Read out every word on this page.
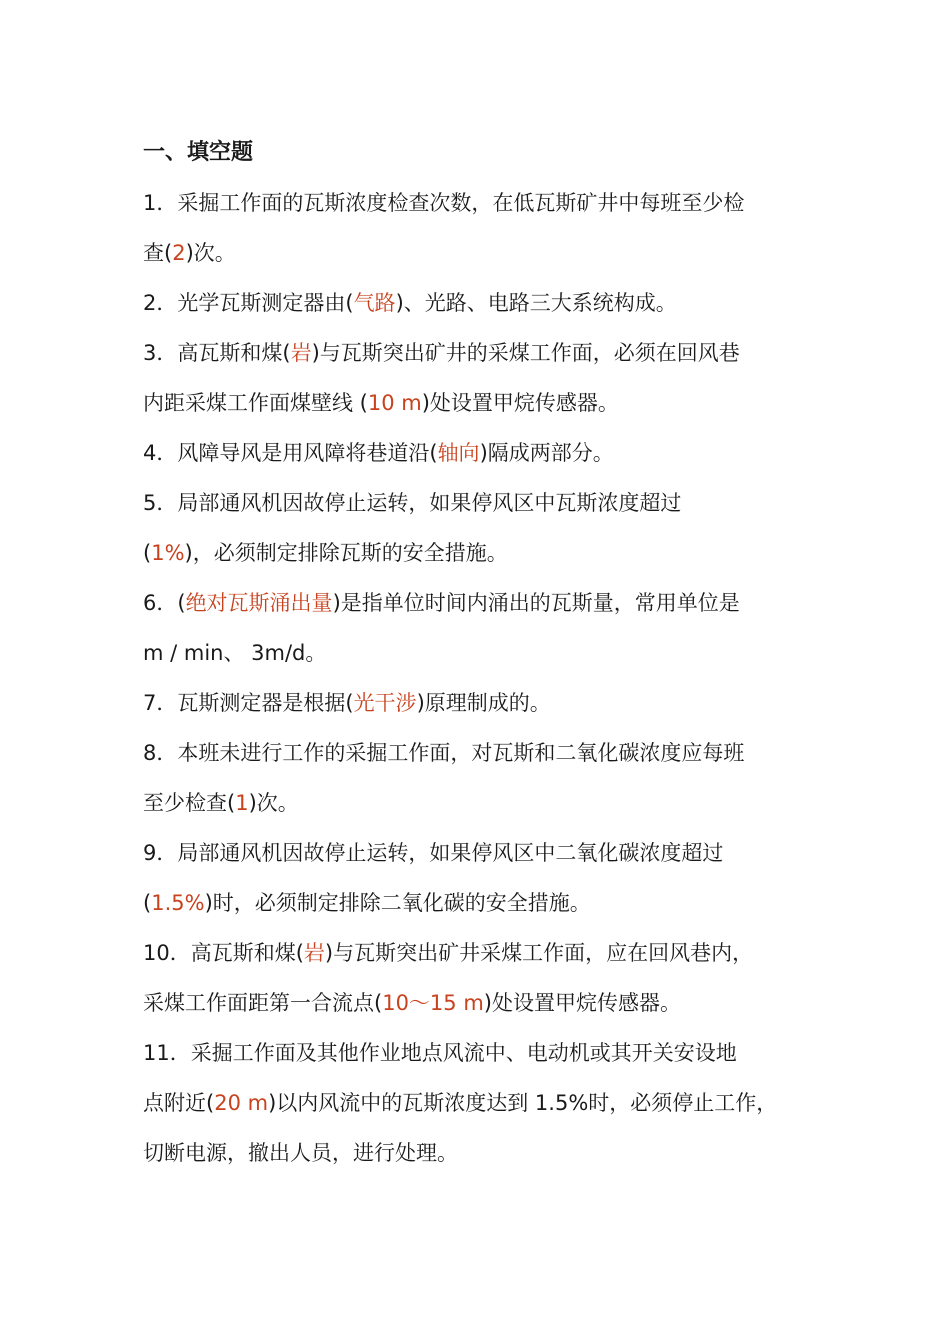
一、填空题
1．采掘工作面的瓦斯浓度检查次数，在低瓦斯矿井中每班至少检
查(2)次。
2．光学瓦斯测定器由(气路)、光路、电路三大系统构成。
3．高瓦斯和煤(岩)与瓦斯突出矿井的采煤工作面，必须在回风巷
内距采煤工作面煤壁线 (10 m)处设置甲烷传感器。
4．风障导风是用风障将巷道沿(轴向)隔成两部分。
5．局部通风机因故停止运转，如果停风区中瓦斯浓度超过
(1%)，必须制定排除瓦斯的安全措施。
6．(绝对瓦斯涌出量)是指单位时间内涌出的瓦斯量，常用单位是
m / min、 3m/d。
7．瓦斯测定器是根据(光干涉)原理制成的。
8．本班未进行工作的采掘工作面，对瓦斯和二氧化碳浓度应每班
至少检查(1)次。
9．局部通风机因故停止运转，如果停风区中二氧化碳浓度超过
(1.5%)时，必须制定排除二氧化碳的安全措施。
10．高瓦斯和煤(岩)与瓦斯突出矿井采煤工作面，应在回风巷内，
采煤工作面距第一合流点(10～15 m)处设置甲烷传感器。
11．采掘工作面及其他作业地点风流中、电动机或其开关安设地
点附近(20 m)以内风流中的瓦斯浓度达到 1.5%时，必须停止工作，
切断电源，撤出人员，进行处理。
